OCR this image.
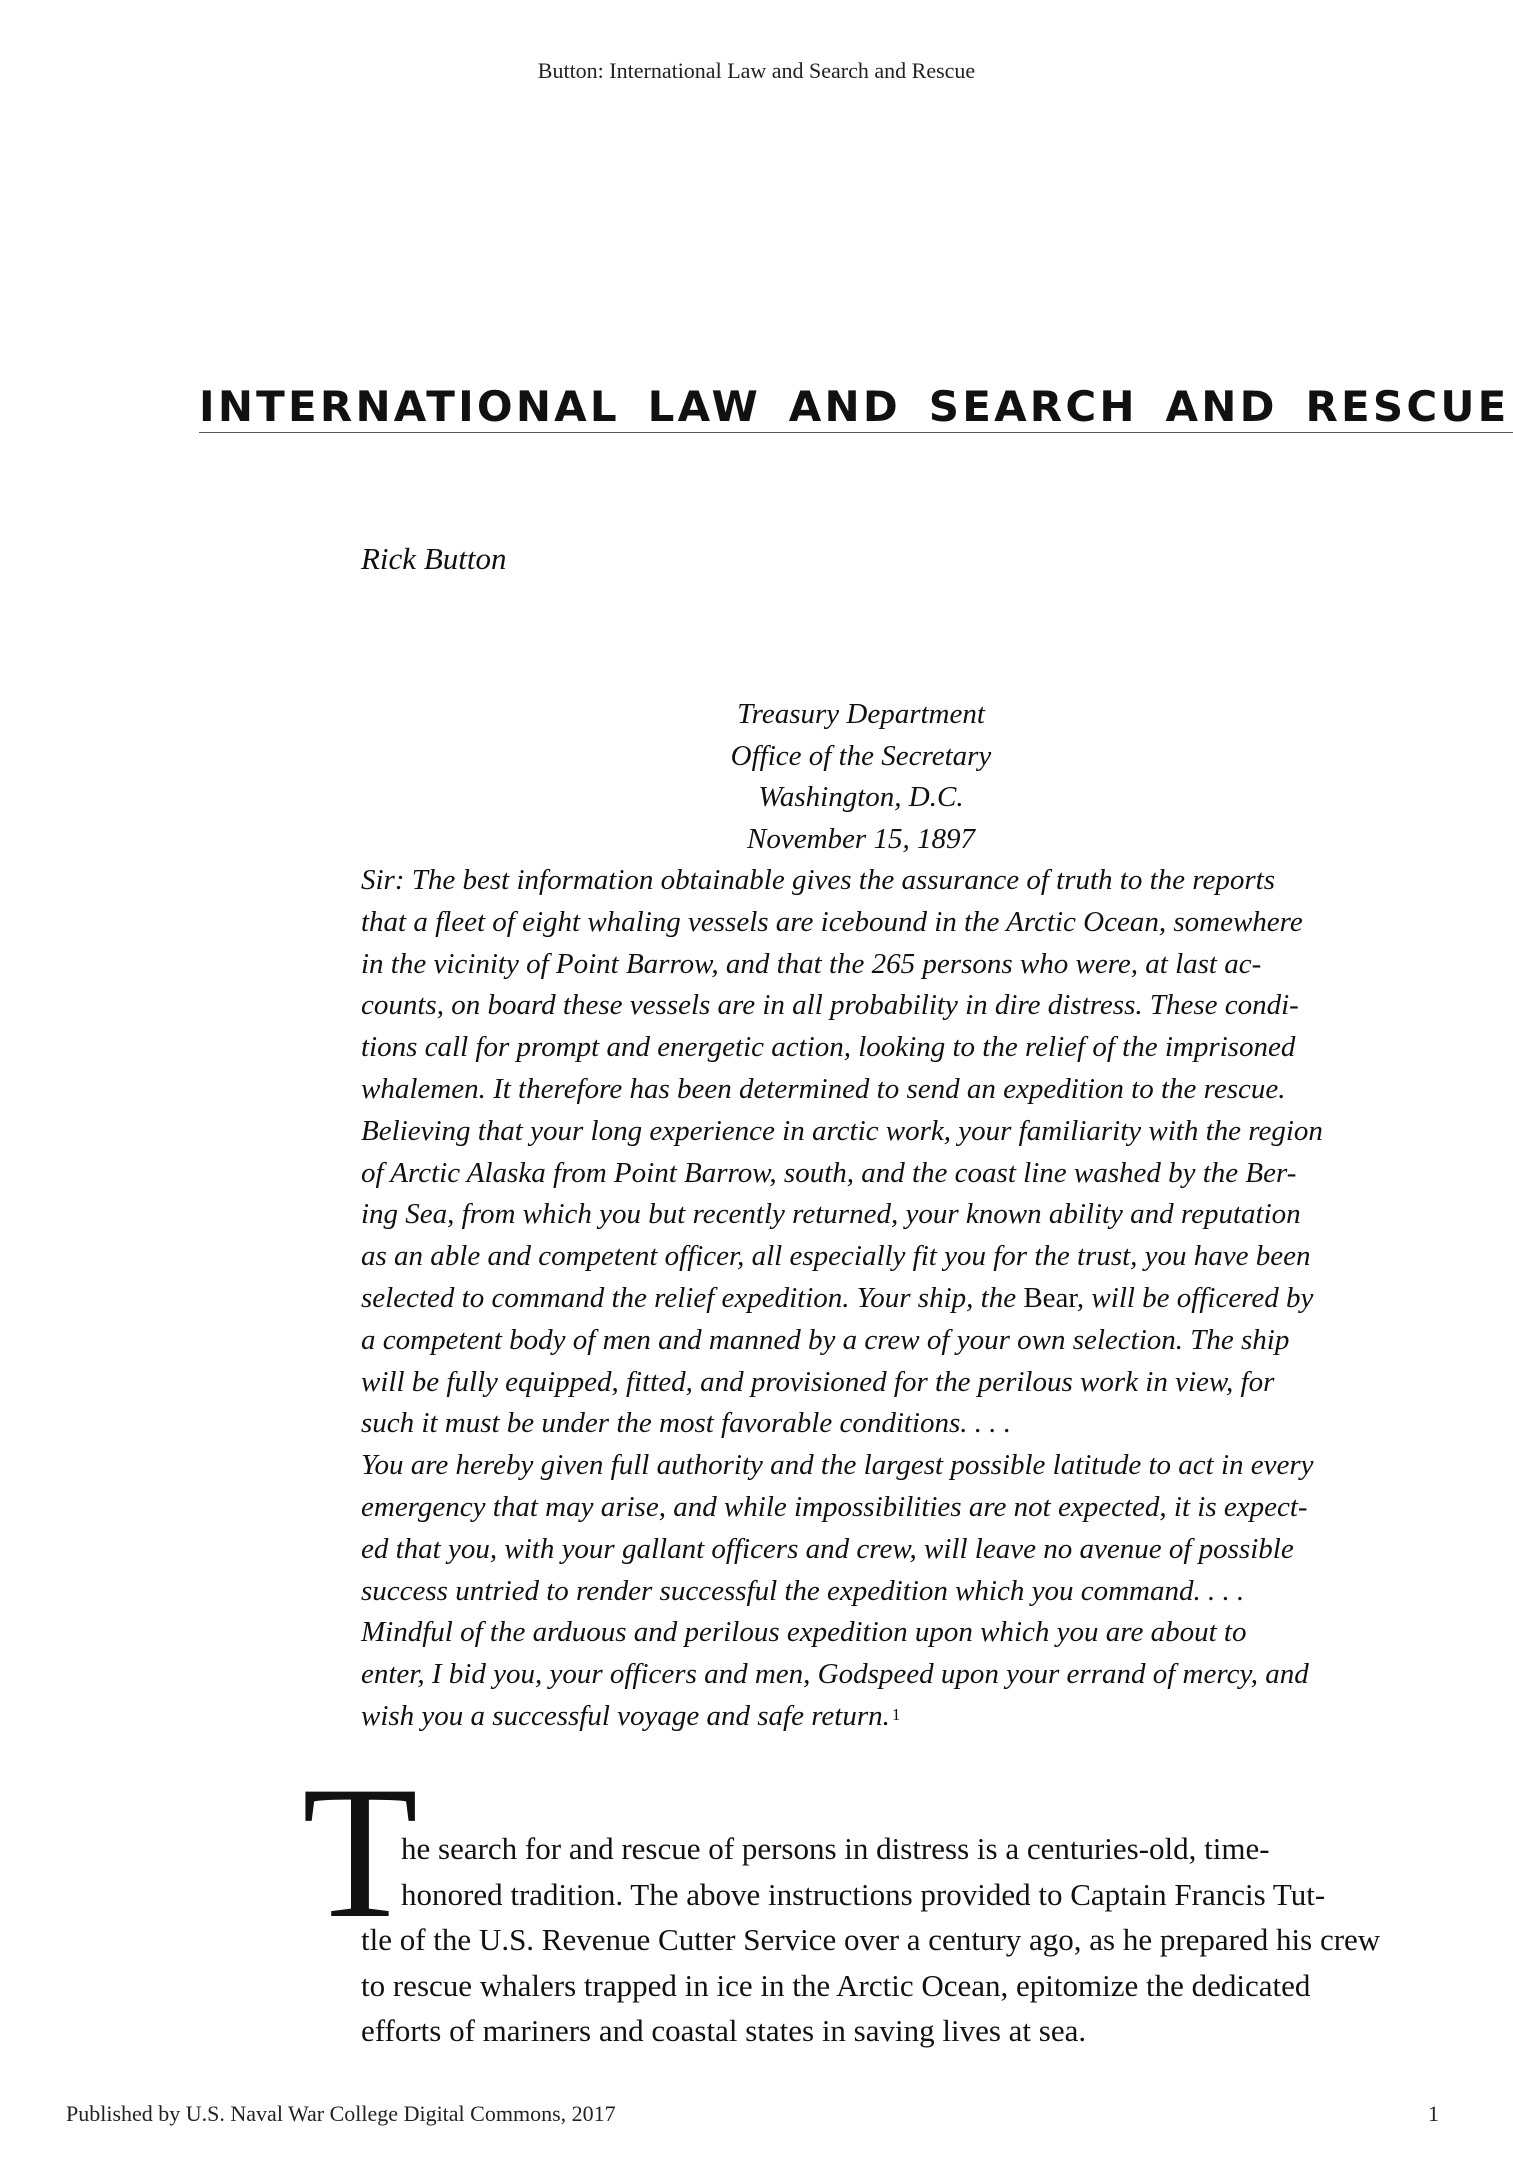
Button: International Law and Search and Rescue
INTERNATIONAL LAW AND SEARCH AND RESCUE
Rick Button
Treasury Department
Office of the Secretary
Washington, D.C.
November 15, 1897
Sir: The best information obtainable gives the assurance of truth to the reports
that a fleet of eight whaling vessels are icebound in the Arctic Ocean, somewhere
in the vicinity of Point Barrow, and that the 265 persons who were, at last ac-
counts, on board these vessels are in all probability in dire distress. These condi-
tions call for prompt and energetic action, looking to the relief of the imprisoned
whalemen. It therefore has been determined to send an expedition to the rescue.
Believing that your long experience in arctic work, your familiarity with the region
of Arctic Alaska from Point Barrow, south, and the coast line washed by the Ber-
ing Sea, from which you but recently returned, your known ability and reputation
as an able and competent officer, all especially fit you for the trust, you have been
selected to command the relief expedition. Your ship, the Bear, will be officered by
a competent body of men and manned by a crew of your own selection. The ship
will be fully equipped, fitted, and provisioned for the perilous work in view, for
such it must be under the most favorable conditions. . . .
You are hereby given full authority and the largest possible latitude to act in every
emergency that may arise, and while impossibilities are not expected, it is expect-
ed that you, with your gallant officers and crew, will leave no avenue of possible
success untried to render successful the expedition which you command. . . .
Mindful of the arduous and perilous expedition upon which you are about to
enter, I bid you, your officers and men, Godspeed upon your errand of mercy, and
wish you a successful voyage and safe return. $^1$
T
he search for and rescue of persons in distress is a centuries-old, time-
honored tradition. The above instructions provided to Captain Francis Tut-
tle of the U.S. Revenue Cutter Service over a century ago, as he prepared his crew
to rescue whalers trapped in ice in the Arctic Ocean, epitomize the dedicated
efforts of mariners and coastal states in saving lives at sea.
Published by U.S. Naval War College Digital Commons, 2017	1
